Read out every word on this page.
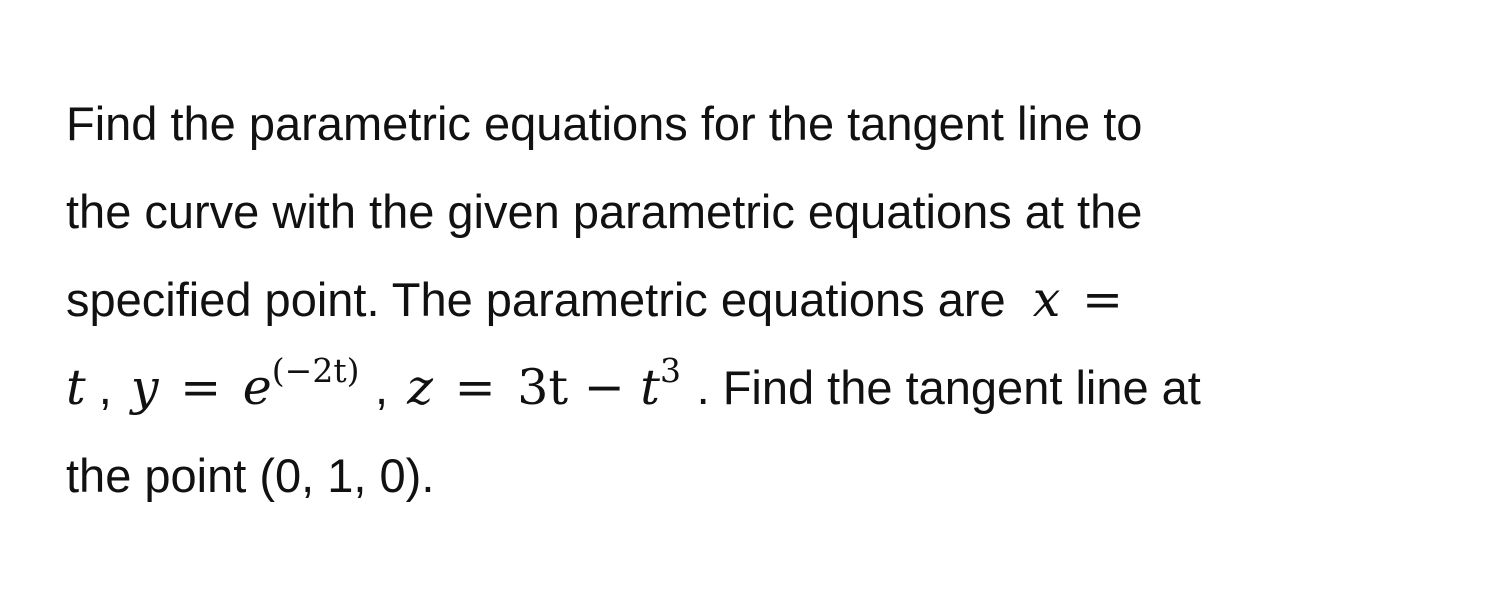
Find the parametric equations for the tangent line to
the curve with the given parametric equations at the
specified point. The parametric equations are x =
t , $y = e^{(-2t)}$ , $z = 3t - t^3$ . Find the tangent line at
the point (0, 1, 0).
